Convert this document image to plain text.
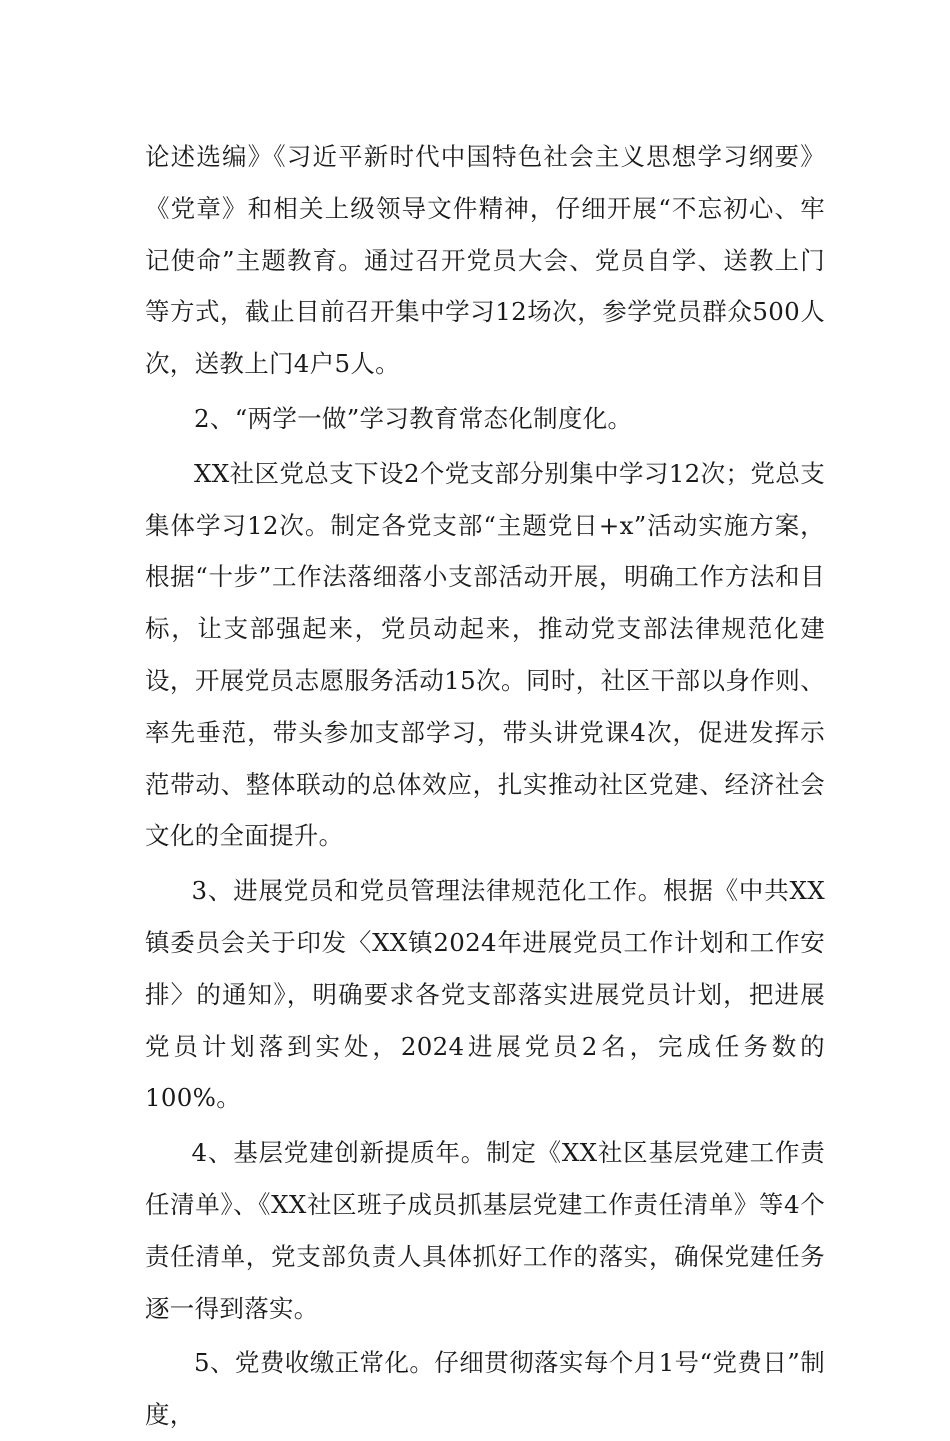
论述选编》《习近平新时代中国特色社会主义思想学习纲要》《党章》和相关上级领导文件精神，仔细开展“不忘初心、牢记使命”主题教育。通过召开党员大会、党员自学、送教上门等方式，截止目前召开集中学习12场次，参学党员群众500人次，送教上门4户5人。

2、“两学一做”学习教育常态化制度化。

XX社区党总支下设2个党支部分别集中学习12次；党总支集体学习12次。制定各党支部“主题党日+x”活动实施方案，根据“十步”工作法落细落小支部活动开展，明确工作方法和目标，让支部强起来，党员动起来，推动党支部法律规范化建设，开展党员志愿服务活动15次。同时，社区干部以身作则、率先垂范，带头参加支部学习，带头讲党课4次，促进发挥示范带动、整体联动的总体效应，扎实推动社区党建、经济社会文化的全面提升。

3、进展党员和党员管理法律规范化工作。根据《中共XX镇委员会关于印发〈XX镇2024年进展党员工作计划和工作安排〉的通知》，明确要求各党支部落实进展党员计划，把进展党员计划落到实处，2024进展党员2名，完成任务数的100%。

4、基层党建创新提质年。制定《XX社区基层党建工作责任清单》、《XX社区班子成员抓基层党建工作责任清单》等4个责任清单，党支部负责人具体抓好工作的落实，确保党建任务逐一得到落实。

5、党费收缴正常化。仔细贯彻落实每个月1号“党费日”制度，
